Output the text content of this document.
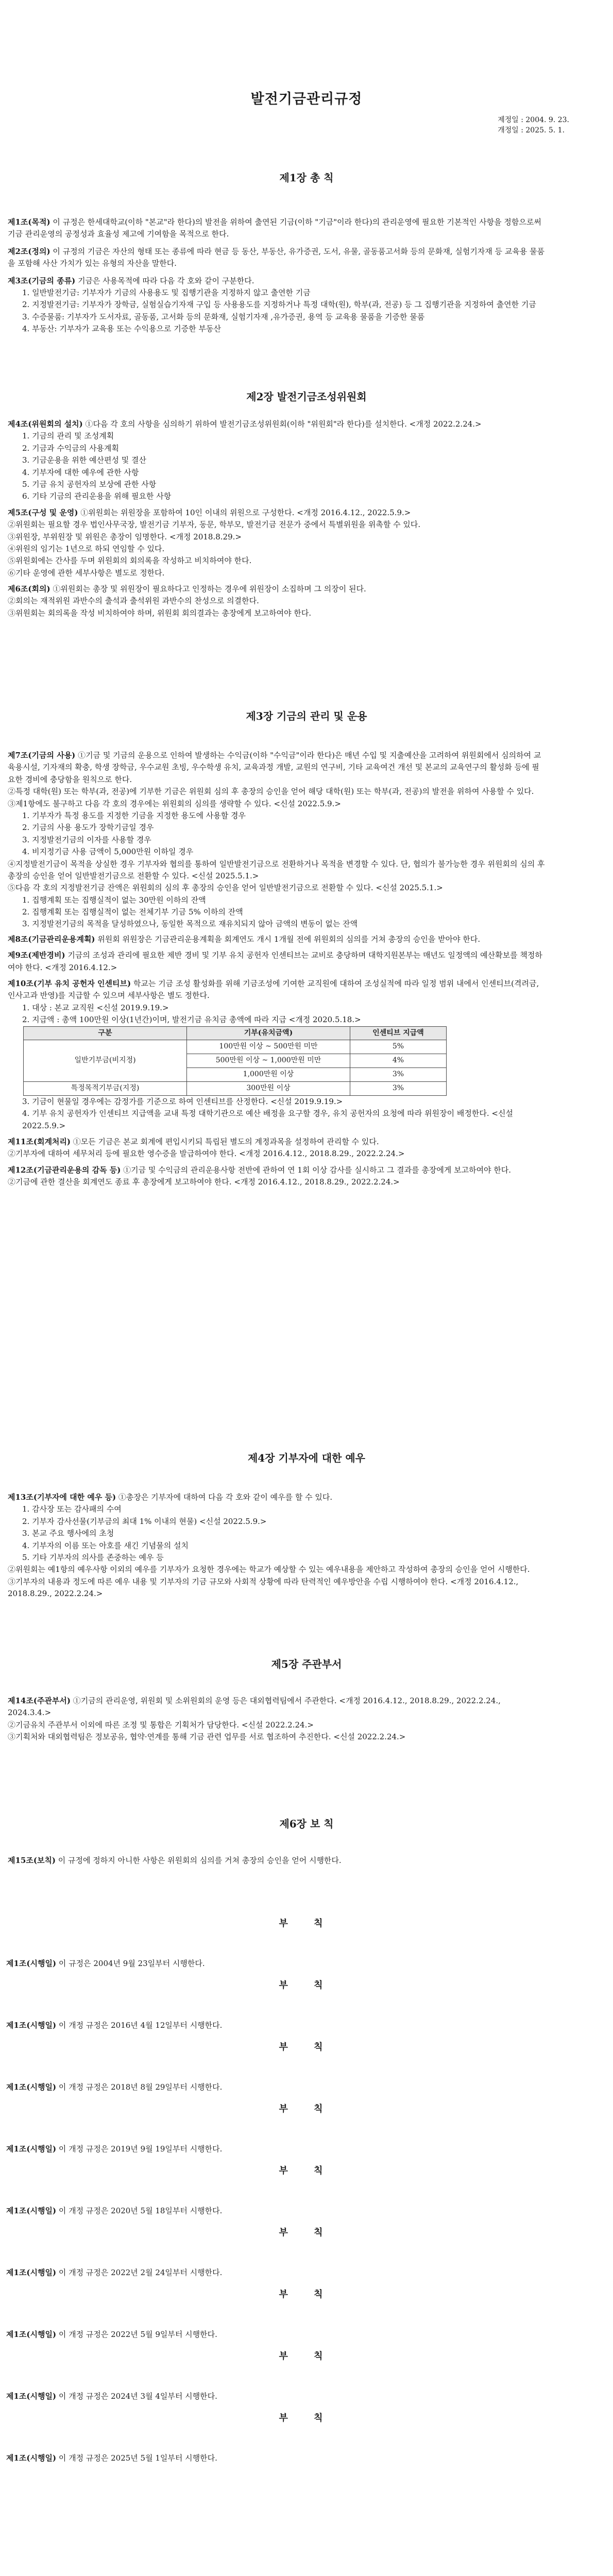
발전기금관리규정
제정일 : 2004. 9. 23.
개정일 : 2025. 5. 1.
제1장 총 칙
제1조(목적) 이 규정은 한세대학교(이하 "본교"라 한다)의 발전을 위하여 출연된 기금(이하 "기금"이라 한다)의 관리운영에 필요한 기본적인 사항을 정함으로써 기금 관리운영의 공정성과 효율성 제고에 기여함을 목적으로 한다.
제2조(정의) 이 규정의 기금은 자산의 형태 또는 종류에 따라 현금 등 동산, 부동산, 유가증권, 도서, 유물, 골동품고서화 등의 문화재, 실험기자재 등 교육용 물품을 포함해 사산 가치가 있는 유형의 자산을 말한다.
제3조(기금의 종류) 기금은 사용목적에 따라 다음 각 호와 같이 구분한다.
1. 일반발전기금: 기부자가 기금의 사용용도 및 집행기관을 지정하지 않고 출연한 기금
2. 지정발전기금: 기부자가 장학금, 실험실습기자재 구입 등 사용용도를 지정하거나 특정 대학(원), 학부(과, 전공) 등 그 집행기관을 지정하여 출연한 기금
3. 수증물품: 기부자가 도서자료, 골동품, 고서화 등의 문화재, 실험기자재 ,유가증권, 용역 등 교육용 물품을 기증한 물품
4. 부동산: 기부자가 교육용 또는 수익용으로 기증한 부동산
제2장 발전기금조성위원회
제4조(위원회의 설치) ①다음 각 호의 사항을 심의하기 위하여 발전기금조성위원회(이하 "위원회"라 한다)를 설치한다. <개정 2022.2.24.>
1. 기금의 관리 및 조성계획
2. 기금과 수익금의 사용계획
3. 기금운용을 위한 예산편성 및 결산
4. 기부자에 대한 예우에 관한 사항
5. 기금 유치 공헌자의 보상에 관한 사항
6. 기타 기금의 관리운용을 위해 필요한 사항
제5조(구성 및 운영) ①위원회는 위원장을 포함하여 10인 이내의 위원으로 구성한다. <개정 2016.4.12., 2022.5.9.>
②위원회는 필요할 경우 법인사무국장, 발전기금 기부자, 동문, 학부모, 발전기금 전문가 중에서 특별위원을 위촉할 수 있다.
③위원장, 부위원장 및 위원은 총장이 임명한다. <개정 2018.8.29.>
④위원의 임기는 1년으로 하되 연임할 수 있다.
⑤위원회에는 간사를 두며 위원회의 회의록을 작성하고 비치하여야 한다.
⑥기타 운영에 관한 세부사항은 별도로 정한다.
제6조(회의) ①위원회는 총장 및 위원장이 필요하다고 인정하는 경우에 위원장이 소집하며 그 의장이 된다.
②회의는 재적위원 과반수의 출석과 출석위원 과반수의 찬성으로 의결한다.
③위원회는 회의록을 작성 비치하여야 하며, 위원회 회의결과는 총장에게 보고하여야 한다.
제3장 기금의 관리 및 운용
제7조(기금의 사용) ①기금 및 기금의 운용으로 인하여 발생하는 수익금(이하 "수익금"이라 한다)은 매년 수입 및 지출예산을 고려하여 위원회에서 심의하여 교육용시설, 기자재의 확충, 학생 장학금, 우수교원 초빙, 우수학생 유치, 교육과정 개발, 교원의 연구비, 기타 교육여건 개선 및 본교의 교육연구의 활성화 등에 필요한 경비에 충당함을 원칙으로 한다.
②특정 대학(원) 또는 학부(과, 전공)에 기부한 기금은 위원회 심의 후 총장의 승인을 얻어 해당 대학(원) 또는 학부(과, 전공)의 발전을 위하여 사용할 수 있다.
③제1항에도 불구하고 다음 각 호의 경우에는 위원회의 심의를 생략할 수 있다. <신설 2022.5.9.>
1. 기부자가 특정 용도를 지정한 기금을 지정한 용도에 사용할 경우
2. 기금의 사용 용도가 장학기금일 경우
3. 지정발전기금의 이자를 사용할 경우
4. 비지정기금 사용 금액이 5,000만원 이하일 경우
④지정발전기금이 목적을 상실한 경우 기부자와 협의를 통하여 일반발전기금으로 전환하거나 목적을 변경할 수 있다. 단, 협의가 불가능한 경우 위원회의 심의 후 총장의 승인을 얻어 일반발전기금으로 전환할 수 있다. <신설 2025.5.1.>
⑤다음 각 호의 지정발전기금 잔액은 위원회의 심의 후 총장의 승인을 얻어 일반발전기금으로 전환할 수 있다. <신설 2025.5.1.>
1. 집행계획 또는 집행실적이 없는 30만원 이하의 잔액
2. 집행계획 또는 집행실적이 없는 전체기부 기금 5% 이하의 잔액
3. 지정발전기금의 목적을 달성하였으나, 동일한 목적으로 재유치되지 않아 금액의 변동이 없는 잔액
제8조(기금관리운용계획) 위원회 위원장은 기금관리운용계획을 회계연도 개시 1개월 전에 위원회의 심의를 거쳐 총장의 승인을 받아야 한다.
제9조(제반경비) 기금의 조성과 관리에 필요한 제반 경비 및 기부 유치 공헌자 인센티브는 교비로 충당하며 대학지원본부는 매년도 일정액의 예산확보를 책정하여야 한다. <개정 2016.4.12.>
제10조(기부 유치 공헌자 인센티브) 학교는 기금 조성 활성화를 위해 기금조성에 기여한 교직원에 대하여 조성실적에 따라 일정 범위 내에서 인센티브(격려금, 인사고과 반영)를 지급할 수 있으며 세부사항은 별도 정한다.
1. 대상 : 본교 교직원 <신설 2019.9.19.>
2. 지급액 : 총액 100만원 이상(1년간)이며, 발전기금 유치금 총액에 따라 지급 <개정 2020.5.18.>
구분	기부(유치금액)	인센티브 지급액
일반기부금(비지정)	100만원 이상 ~ 500만원 미만	5%
	500만원 이상 ~ 1,000만원 미만	4%
	1,000만원 이상	3%
특정목적기부금(지정)	300만원 이상	3%
3. 기금이 현물일 경우에는 감정가를 기준으로 하여 인센티브를 산정한다. <신설 2019.9.19.>
4. 기부 유치 공헌자가 인센티브 지급액을 교내 특정 대학기관으로 예산 배정을 요구할 경우, 유치 공헌자의 요청에 따라 위원장이 배정한다. <신설 2022.5.9.>
제11조(회계처리) ①모든 기금은 본교 회계에 편입시키되 특립된 별도의 계정과목을 설정하여 관리할 수 있다.
②기부자에 대하여 세무처리 등에 필요한 영수증을 발급하여야 한다. <개정 2016.4.12., 2018.8.29., 2022.2.24.>
제12조(기금관리운용의 감독 등) ①기금 및 수익금의 관리운용사항 전반에 관하여 연 1회 이상 감사를 실시하고 그 결과를 총장에게 보고하여야 한다.
②기금에 관한 결산을 회계연도 종료 후 총장에게 보고하여야 한다. <개정 2016.4.12., 2018.8.29., 2022.2.24.>
제4장 기부자에 대한 예우
제13조(기부자에 대한 예우 등) ①총장은 기부자에 대하여 다음 각 호와 같이 예우를 할 수 있다.
1. 감사장 또는 감사패의 수여
2. 기부자 감사선물(기부금의 최대 1% 이내의 현물) <신설 2022.5.9.>
3. 본교 주요 행사에의 초청
4. 기부자의 이름 또는 아호를 새긴 기념물의 설치
5. 기타 기부자의 의사를 존중하는 예우 등
②위원회는 예1항의 예우사항 이외의 예우를 기부자가 요청한 경우에는 학교가 예상할 수 있는 예우내용을 제안하고 작성하여 총장의 승인을 얻어 시행한다.
③기부자의 내용과 정도에 따른 예우 내용 및 기부자의 기금 규모와 사회적 상황에 따라 탄력적인 예우방안을 수립 시행하여야 한다. <개정 2016.4.12., 2018.8.29., 2022.2.24.>
제5장 주관부서
제14조(주관부서) ①기금의 관리운영, 위원회 및 소위원회의 운영 등은 대외협력팀에서 주관한다. <개정 2016.4.12., 2018.8.29., 2022.2.24., 2024.3.4.>
②기금유치 주관부서 이외에 따른 조정 및 통합은 기획처가 담당한다. <신설 2022.2.24.>
③기획처와 대외협력팀은 정보공유, 협약·연계를 통해 기금 관련 업무를 서로 협조하여 추진한다. <신설 2022.2.24.>
제6장 보 칙
제15조(보칙) 이 규정에 정하지 아니한 사항은 위원회의 심의를 거쳐 총장의 승인을 얻어 시행한다.
부 칙
제1조(시행일) 이 규정은 2004년 9월 23일부터 시행한다.
부 칙
제1조(시행일) 이 개정 규정은 2016년 4월 12일부터 시행한다.
부 칙
제1조(시행일) 이 개정 규정은 2018년 8월 29일부터 시행한다.
부 칙
제1조(시행일) 이 개정 규정은 2019년 9월 19일부터 시행한다.
부 칙
제1조(시행일) 이 개정 규정은 2020년 5월 18일부터 시행한다.
부 칙
제1조(시행일) 이 개정 규정은 2022년 2월 24일부터 시행한다.
부 칙
제1조(시행일) 이 개정 규정은 2022년 5월 9일부터 시행한다.
부 칙
제1조(시행일) 이 개정 규정은 2024년 3월 4일부터 시행한다.
부 칙
제1조(시행일) 이 개정 규정은 2025년 5월 1일부터 시행한다.
